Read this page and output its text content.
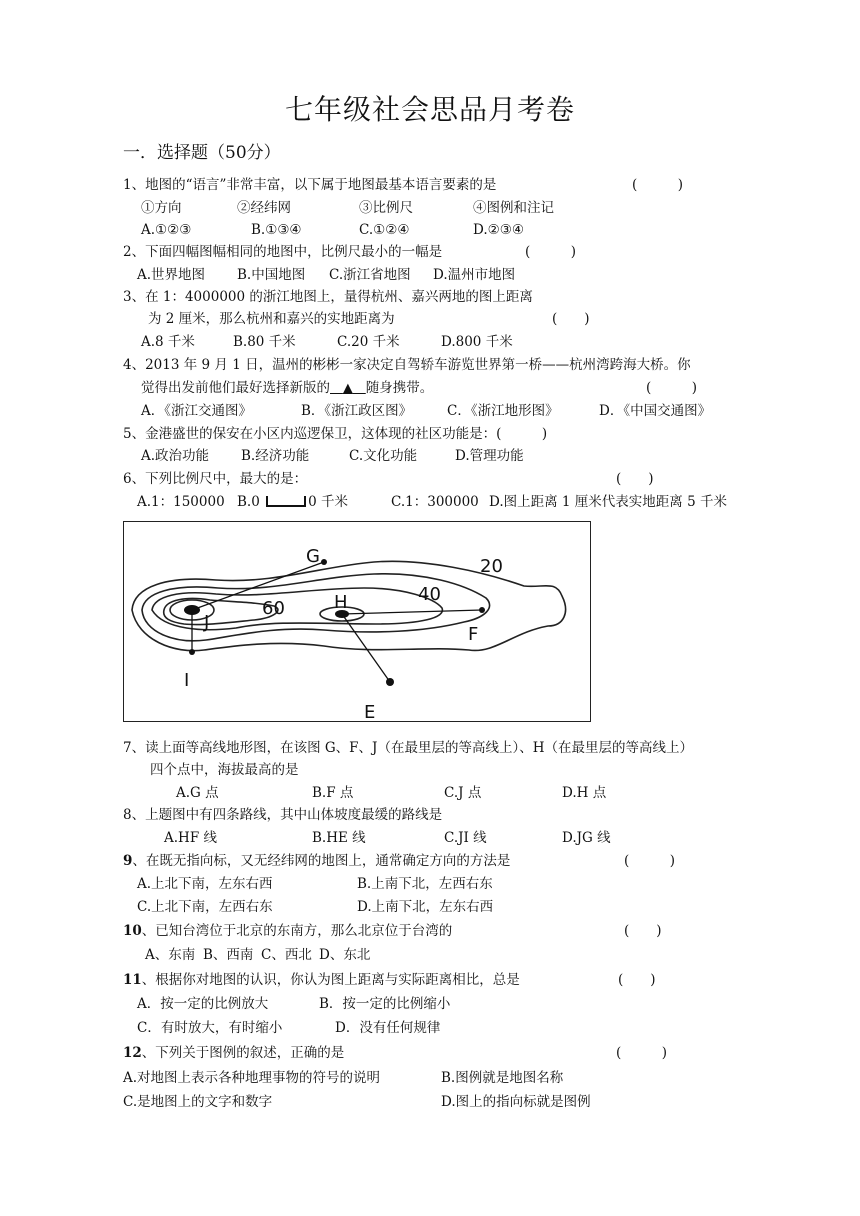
七年级社会思品月考卷
一．选择题（50分）
1、地图的“语言”非常丰富，以下属于地图最基本语言要素的是	(　　　)
①方向	②经纬网	③比例尺	④图例和注记
A.①②③	B.①③④	C.①②④	D.②③④
2、下面四幅图幅相同的地图中，比例尺最小的一幅是	(　　　)
A.世界地图 B.中国地图 C.浙江省地图 D.温州市地图
3、在 1：4000000 的浙江地图上，量得杭州、嘉兴两地的图上距离
为 2 厘米，那么杭州和嘉兴的实地距离为	(　　)
A.8 千米	B.80 千米	C.20 千米	D.800 千米
4、2013 年 9 月 1 日，温州的彬彬一家决定自驾轿车游览世界第一桥——杭州湾跨海大桥。你
觉得出发前他们最好选择新版的 ▲ 随身携带。	(　　　)
A．《浙江交通图》	B．《浙江政区图》	C．《浙江地形图》	D．《中国交通图》
5、金港盛世的保安在小区内巡逻保卫，这体现的社区功能是：(　　　)
A.政治功能 B.经济功能	C.文化功能	D.管理功能
6、下列比例尺中，最大的是：	(　　)
A.1：150000 B.0	0 千米	C.1：300000 D.图上距离 1 厘米代表实地距离 5 千米
G
H
J
I
F
E
20
40
60
7、读上面等高线地形图，在该图 G、F、J（在最里层的等高线上）、H（在最里层的等高线上）
四个点中，海拔最高的是
A.G 点	B.F 点	C.J 点	D.H 点
8、上题图中有四条路线，其中山体坡度最缓的路线是
A.HF 线	B.HE 线	C.JI 线	D.JG 线
9、在既无指向标，又无经纬网的地图上，通常确定方向的方法是	(　　　)
A.上北下南，左东右西	B.上南下北，左西右东
C.上北下南，左西右东	D.上南下北，左东右西
10、已知台湾位于北京的东南方，那么北京位于台湾的	(　　)
A、东南 B、西南 C、西北 D、东北
11、根据你对地图的认识，你认为图上距离与实际距离相比，总是	(　　)
A．按一定的比例放大	B．按一定的比例缩小
C．有时放大，有时缩小	D．没有任何规律
12、下列关于图例的叙述，正确的是	(　　　)
A.对地图上表示各种地理事物的符号的说明	B.图例就是地图名称
C.是地图上的文字和数字	D.图上的指向标就是图例
